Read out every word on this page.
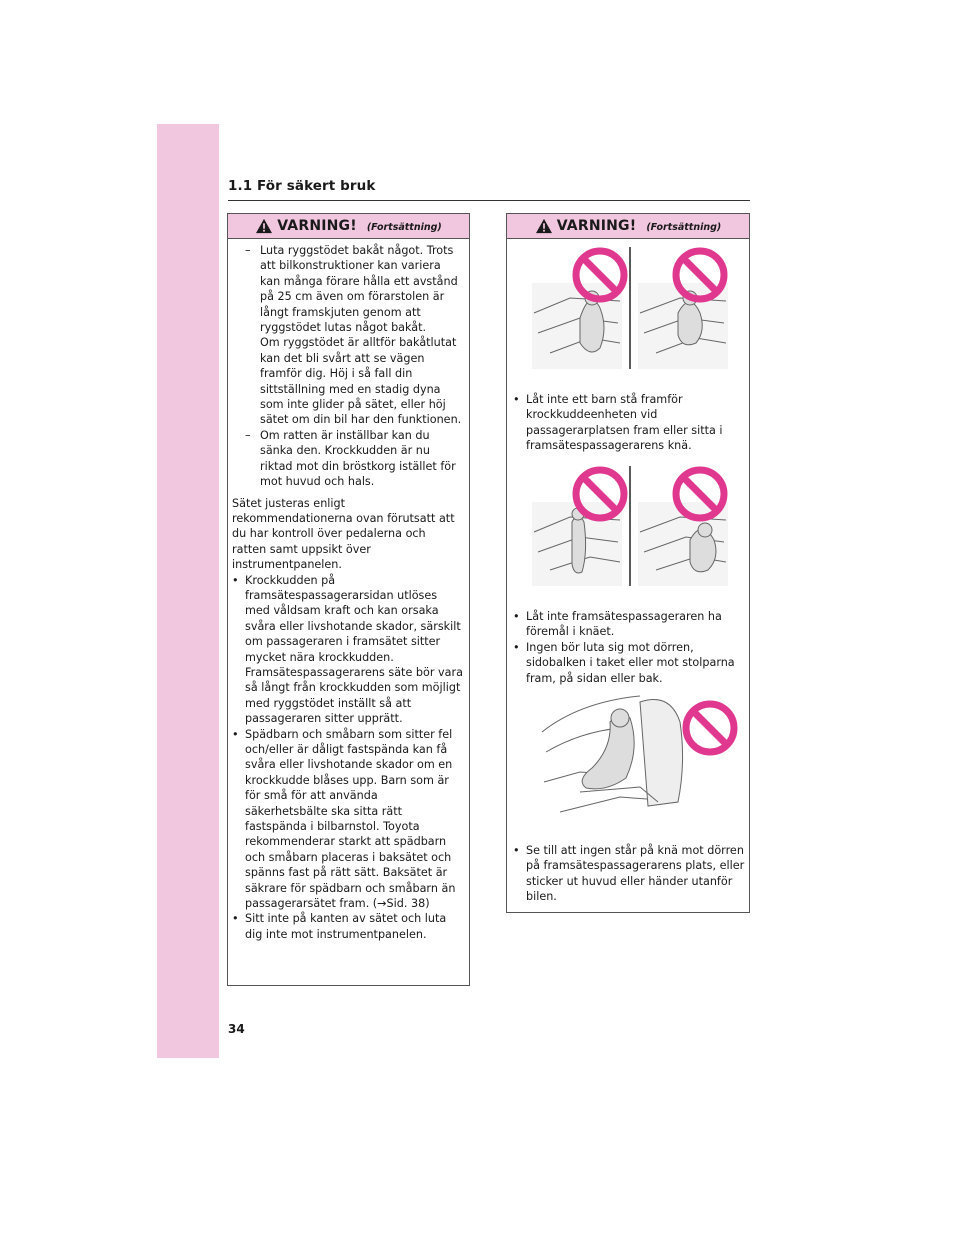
1.1 För säkert bruk
VARNING! (Fortsättning)
– Luta ryggstödet bakåt något. Trots att bilkonstruktioner kan variera kan många förare hålla ett avstånd på 25 cm även om förarstolen är långt framskjuten genom att ryggstödet lutas något bakåt.
Om ryggstödet är alltför bakåtlutat kan det bli svårt att se vägen framför dig. Höj i så fall din sittställning med en stadig dyna som inte glider på sätet, eller höj sätet om din bil har den funktionen.
– Om ratten är inställbar kan du sänka den. Krockkudden är nu riktad mot din bröstkorg istället för mot huvud och hals.
Sätet justeras enligt rekommendationerna ovan förutsatt att du har kontroll över pedalerna och ratten samt uppsikt över instrumentpanelen.
• Krockkudden på framsätespassagerarsidan utlöses med våldsam kraft och kan orsaka svåra eller livshotande skador, särskilt om passageraren i framsätet sitter mycket nära krockkudden. Framsätespassagerarens säte bör vara så långt från krockkudden som möjligt med ryggstödet inställt så att passageraren sitter upprätt.
• Spädbarn och småbarn som sitter fel och/eller är dåligt fastspända kan få svåra eller livshotande skador om en krockkudde blåses upp. Barn som är för små för att använda säkerhetsbälte ska sitta rätt fastspända i bilbarnstol. Toyota rekommenderar starkt att spädbarn och småbarn placeras i baksätet och spänns fast på rätt sätt. Baksätet är säkrare för spädbarn och småbarn än passagerarsätet fram. (→Sid. 38)
• Sitt inte på kanten av sätet och luta dig inte mot instrumentpanelen.
VARNING! (Fortsättning)
• Låt inte ett barn stå framför krockkuddeenheten vid passagerarplatsen fram eller sitta i framsätespassagerarens knä.
• Låt inte framsätespassageraren ha föremål i knäet.
• Ingen bör luta sig mot dörren, sidobalken i taket eller mot stolparna fram, på sidan eller bak.
• Se till att ingen står på knä mot dörren på framsätespassagerarens plats, eller sticker ut huvud eller händer utanför bilen.
34
